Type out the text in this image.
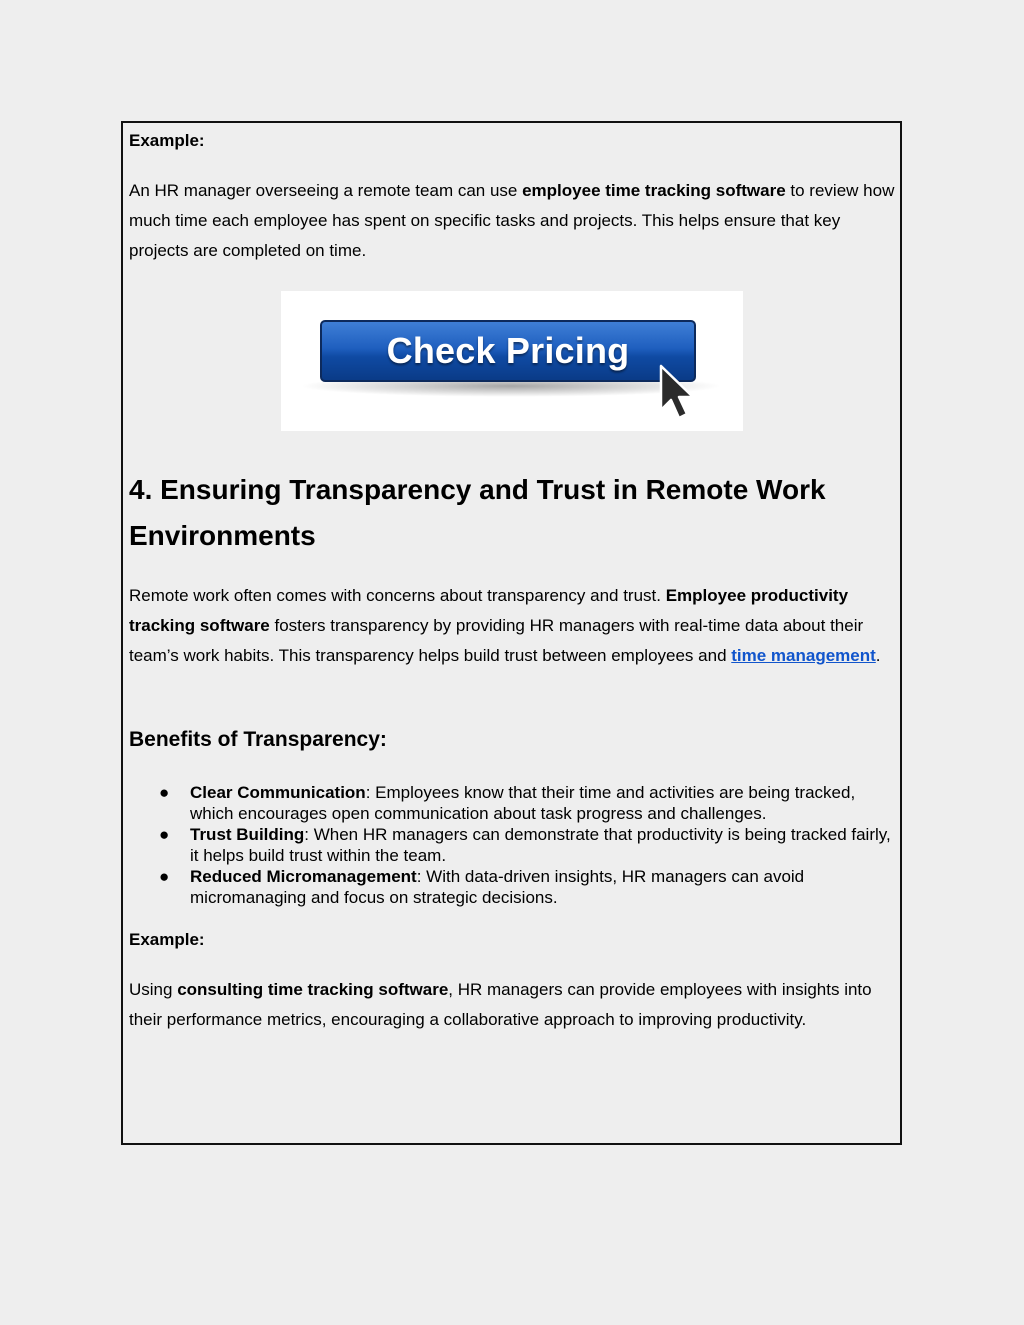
Example:

An HR manager overseeing a remote team can use employee time tracking software to review how much time each employee has spent on specific tasks and projects. This helps ensure that key projects are completed on time.

Check Pricing
4. Ensuring Transparency and Trust in Remote Work Environments

Remote work often comes with concerns about transparency and trust. Employee productivity tracking software fosters transparency by providing HR managers with real-time data about their team’s work habits. This transparency helps build trust between employees and time management.

Benefits of Transparency:
● Clear Communication: Employees know that their time and activities are being tracked, which encourages open communication about task progress and challenges.
● Trust Building: When HR managers can demonstrate that productivity is being tracked fairly, it helps build trust within the team.
● Reduced Micromanagement: With data-driven insights, HR managers can avoid micromanaging and focus on strategic decisions.

Example:

Using consulting time tracking software, HR managers can provide employees with insights into their performance metrics, encouraging a collaborative approach to improving productivity.
